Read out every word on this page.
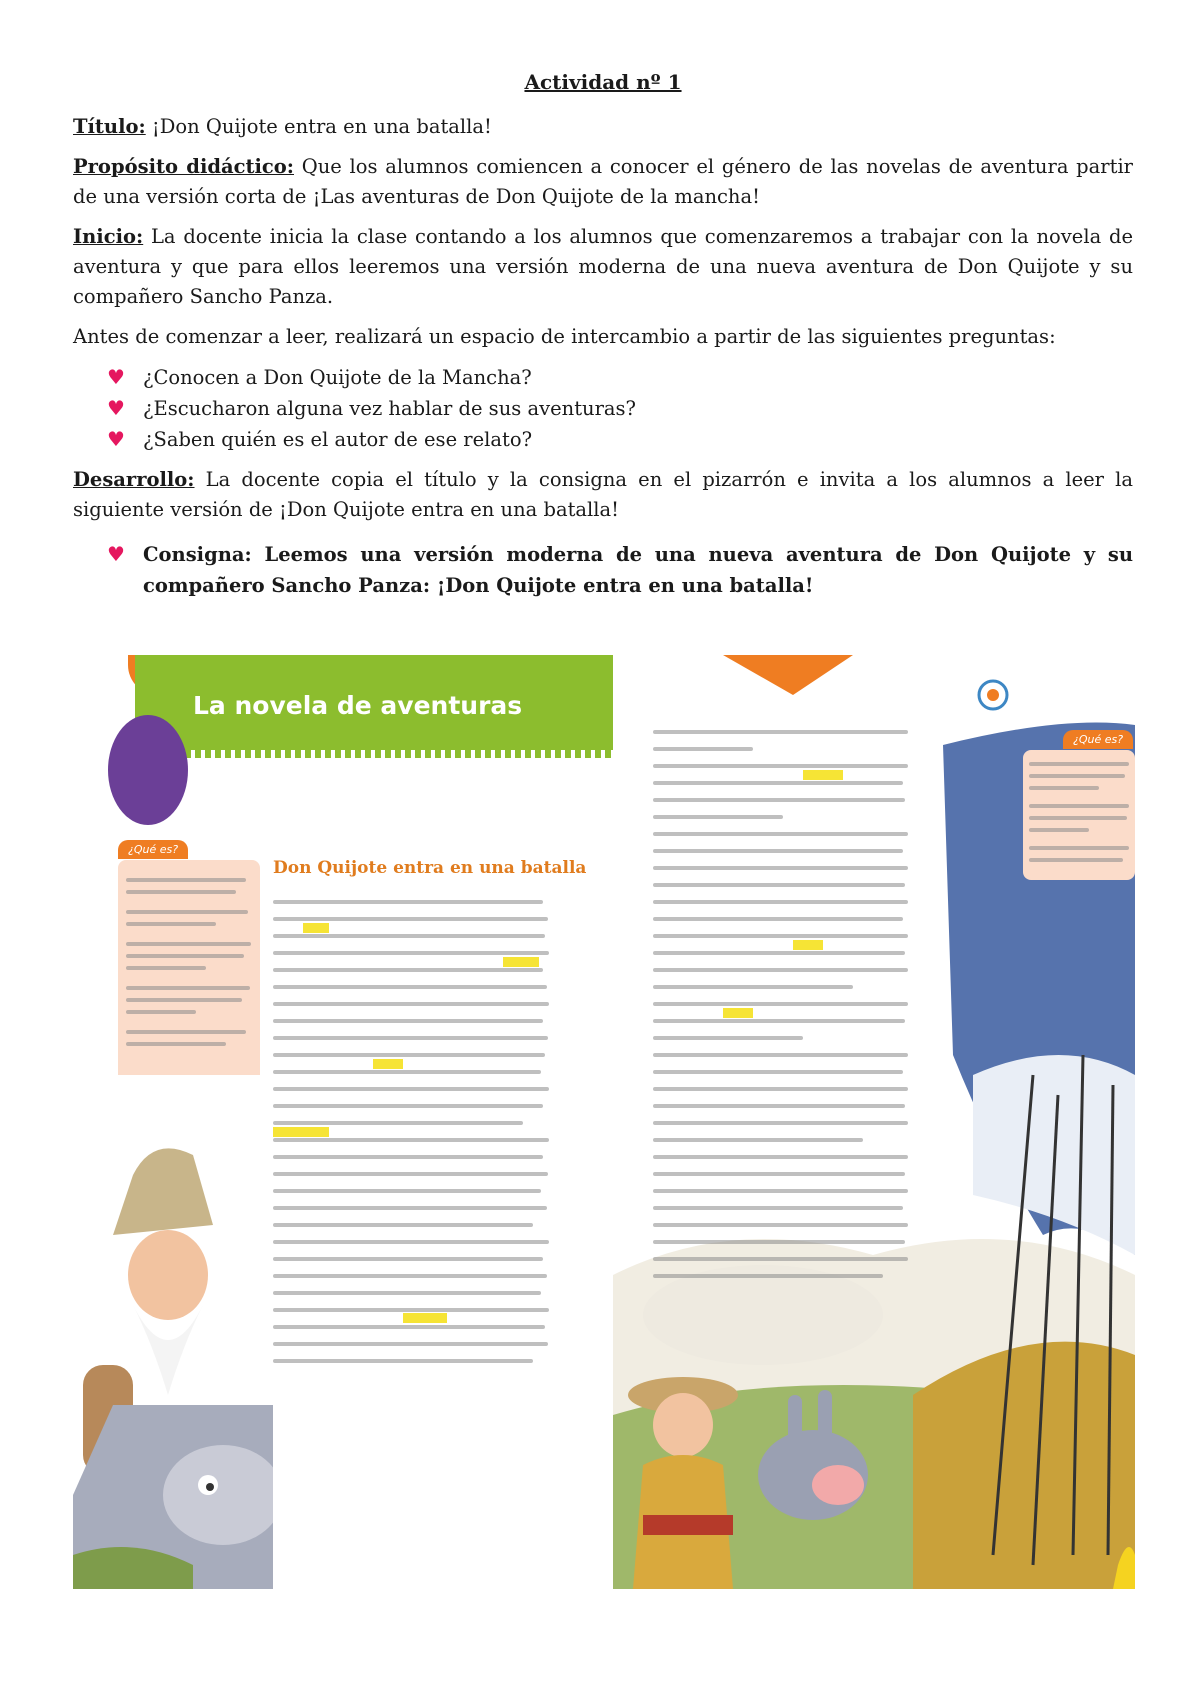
Actividad nº 1

Título: ¡Don Quijote entra en una batalla!

Propósito didáctico: Que los alumnos comiencen a conocer el género de las novelas de aventura partir de una versión corta de ¡Las aventuras de Don Quijote de la mancha!

Inicio: La docente inicia la clase contando a los alumnos que comenzaremos a trabajar con la novela de aventura y que para ellos leeremos una versión moderna de una nueva aventura de Don Quijote y su compañero Sancho Panza.

Antes de comenzar a leer, realizará un espacio de intercambio a partir de las siguientes preguntas:

♥ ¿Conocen a Don Quijote de la Mancha?
♥ ¿Escucharon alguna vez hablar de sus aventuras?
♥ ¿Saben quién es el autor de ese relato?

Desarrollo: La docente copia el título y la consigna en el pizarrón e invita a los alumnos a leer la siguiente versión de ¡Don Quijote entra en una batalla!

♥ Consigna: Leemos una versión moderna de una nueva aventura de Don Quijote y su compañero Sancho Panza: ¡Don Quijote entra en una batalla!
La novela de aventuras
¿Qué es?
Don Quijote entra en una batalla
¿Qué es?
